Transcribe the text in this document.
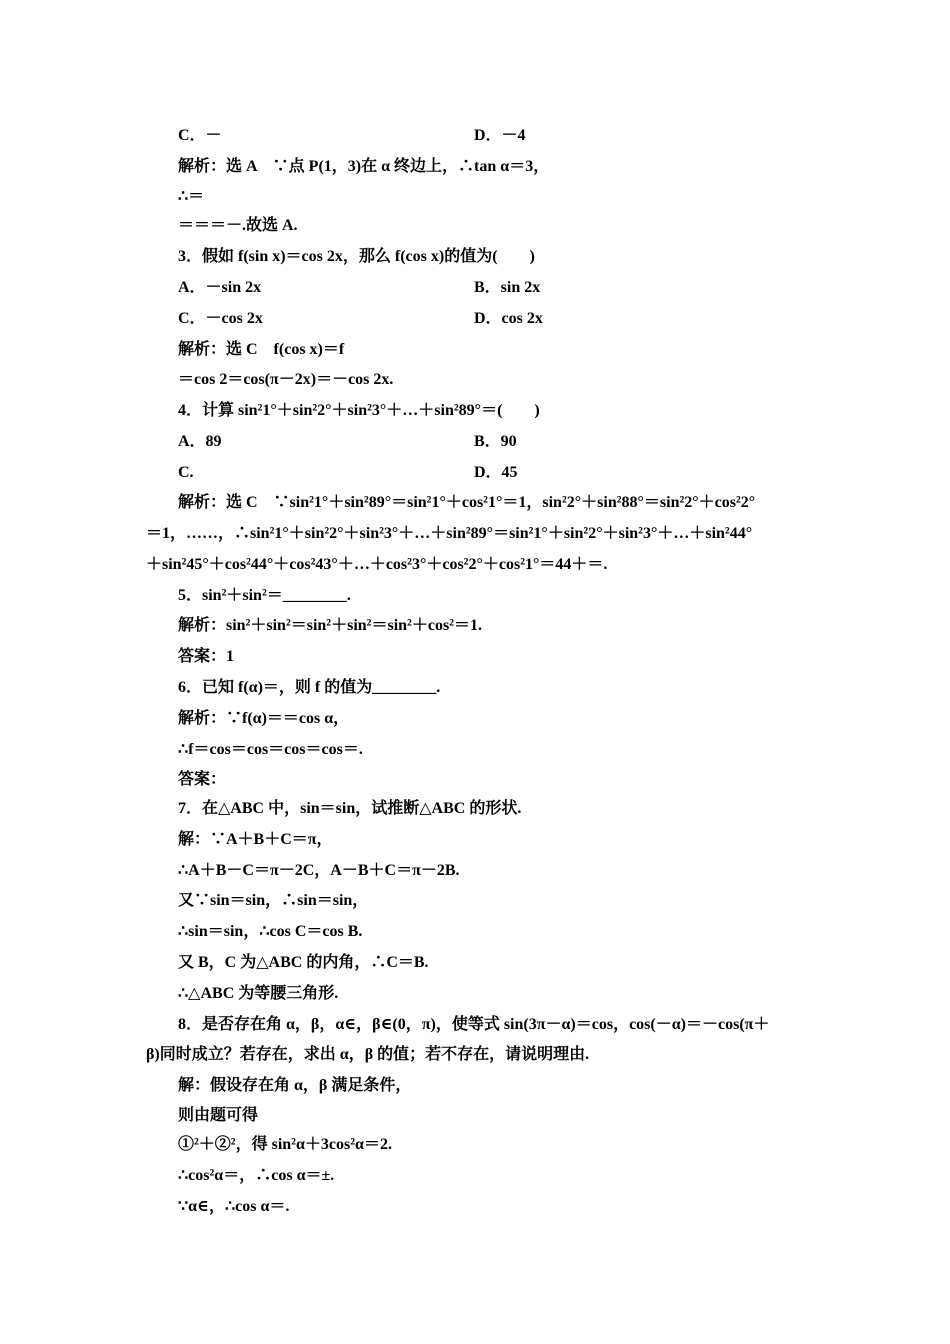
C．－	D．－4
解析：选 A　∵点 P(1，3)在 α 终边上，∴tan α＝3，
∴＝
＝＝＝－.故选 A.
3．假如 f(sin x)＝cos 2x，那么 f(cos x)的值为(　　)
A．－sin 2x	B．sin 2x
C．－cos 2x	D．cos 2x
解析：选 C　f(cos x)＝f
＝cos 2＝cos(π－2x)＝－cos 2x.
4．计算 sin²1°＋sin²2°＋sin²3°＋…＋sin²89°＝(　　)
A．89	B．90
C.	D．45
解析：选 C　∵sin²1°＋sin²89°＝sin²1°＋cos²1°＝1，sin²2°＋sin²88°＝sin²2°＋cos²2°
＝1，……，∴sin²1°＋sin²2°＋sin²3°＋…＋sin²89°＝sin²1°＋sin²2°＋sin²3°＋…＋sin²44°
＋sin²45°＋cos²44°＋cos²43°＋…＋cos²3°＋cos²2°＋cos²1°＝44＋＝.
5．sin²＋sin²＝________.
解析：sin²＋sin²＝sin²＋sin²＝sin²＋cos²＝1.
答案：1
6．已知 f(α)＝，则 f 的值为________.
解析：∵f(α)＝＝cos α，
∴f＝cos＝cos＝cos＝cos＝.
答案：
7．在△ABC 中，sin＝sin，试推断△ABC 的形状.
解：∵A＋B＋C＝π，
∴A＋B－C＝π－2C，A－B＋C＝π－2B.
又∵sin＝sin，∴sin＝sin，
∴sin＝sin，∴cos C＝cos B.
又 B，C 为△ABC 的内角，∴C＝B.
∴△ABC 为等腰三角形.
8．是否存在角 α，β，α∈，β∈(0，π)，使等式 sin(3π－α)＝cos，cos(－α)＝－cos(π＋
β)同时成立？若存在，求出 α，β 的值；若不存在，请说明理由.
解：假设存在角 α，β 满足条件，
则由题可得
①²＋②²，得 sin²α＋3cos²α＝2.
∴cos²α＝，∴cos α＝±.
∵α∈，∴cos α＝.
